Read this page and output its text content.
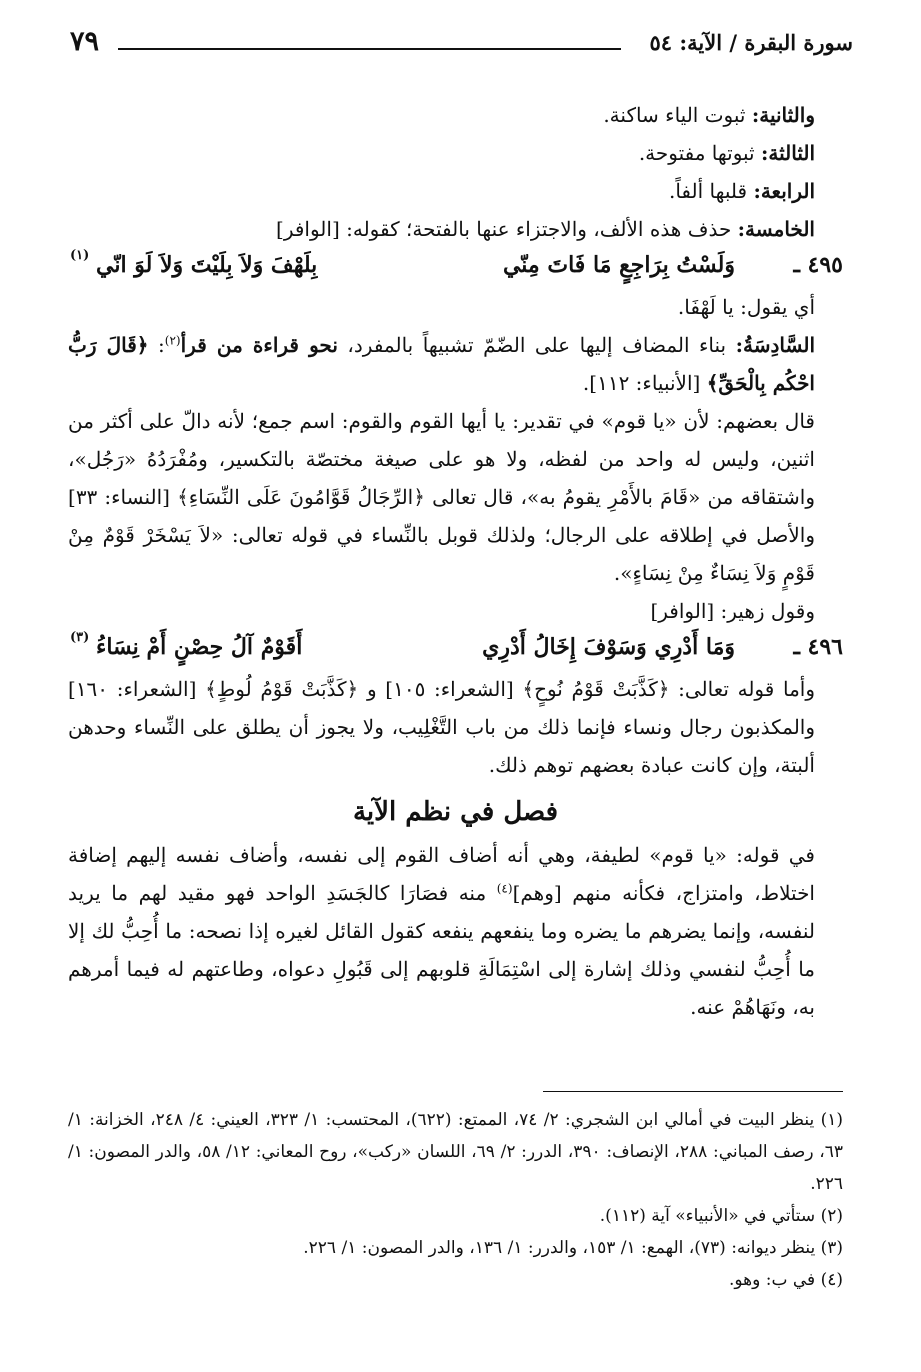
سورة البقرة / الآية: ٥٤
٧٩

والثانية: ثبوت الياء ساكنة.

الثالثة: ثبوتها مفتوحة.

الرابعة: قلبها ألفاً.

الخامسة: حذف هذه الألف، والاجتزاء عنها بالفتحة؛ كقوله: [الوافر]

٤٩٥ ـ
وَلَسْتُ بِرَاجِعٍ مَا فَاتَ مِنّي
بِلَهْفَ وَلاَ بِلَيْتَ وَلاَ لَوَ انّي
(١)

أي يقول: يا لَهْفَا.

السَّادِسَةُ: بناء المضاف إليها على الضّمّ تشبيهاً بالمفرد، نحو قراءة من قرأ$^{(٢)}$: ﴿قَالَ رَبُّ احْكُم بِالْحَقِّ﴾ [الأنبياء: ١١٢].

قال بعضهم: لأن «يا قوم» في تقدير: يا أيها القوم والقوم: اسم جمع؛ لأنه دالّ على أكثر من اثنين، وليس له واحد من لفظه، ولا هو على صيغة مختصّة بالتكسير، ومُفْرَدُهُ «رَجُل»، واشتقاقه من «قَامَ بالأَمْرِ يقومُ به»، قال تعالى ﴿الرِّجَالُ قَوَّامُونَ عَلَى النِّسَاءِ﴾ [النساء: ٣٣] والأصل في إطلاقه على الرجال؛ ولذلك قوبل بالنِّساء في قوله تعالى: «لاَ يَسْخَرْ قَوْمٌ مِنْ قَوْمٍ وَلاَ نِسَاءٌ مِنْ نِسَاءٍ».

وقول زهير: [الوافر]

٤٩٦ ـ
وَمَا أَدْرِي وَسَوْفَ إِخَالُ أَدْرِي
أَقَوْمٌ آلُ حِصْنٍ أَمْ نِسَاءُ
(٣)

وأما قوله تعالى: ﴿كَذَّبَتْ قَوْمُ نُوحٍ﴾ [الشعراء: ١٠٥] و ﴿كَذَّبَتْ قَوْمُ لُوطٍ﴾ [الشعراء: ١٦٠] والمكذبون رجال ونساء فإنما ذلك من باب التَّغْلِيب، ولا يجوز أن يطلق على النِّساء وحدهن ألبتة، وإن كانت عبادة بعضهم توهم ذلك.

فصل في نظم الآية

في قوله: «يا قوم» لطيفة، وهي أنه أضاف القوم إلى نفسه، وأضاف نفسه إليهم إضافة اختلاط، وامتزاج، فكأنه منهم [وهم]$^{(٤)}$ منه فصَارَا كالجَسَدِ الواحد فهو مقيد لهم ما يريد لنفسه، وإنما يضرهم ما يضره وما ينفعهم ينفعه كقول القائل لغيره إذا نصحه: ما أُحِبُّ لك إلا ما أُحِبُّ لنفسي وذلك إشارة إلى اسْتِمَالَةِ قلوبهم إلى قَبُولِ دعواه، وطاعتهم له فيما أمرهم به، ونَهَاهُمْ عنه.

(١) ينظر البيت في أمالي ابن الشجري: ٢/ ٧٤، الممتع: (٦٢٢)، المحتسب: ١/ ٣٢٣، العيني: ٤/ ٢٤٨، الخزانة: ١/ ٦٣، رصف المباني: ٢٨٨، الإنصاف: ٣٩٠، الدرر: ٢/ ٦٩، اللسان «ركب»، روح المعاني: ١٢/ ٥٨، والدر المصون: ١/ ٢٢٦.

(٢) ستأتي في «الأنبياء» آية (١١٢).

(٣) ينظر ديوانه: (٧٣)، الهمع: ١/ ١٥٣، والدرر: ١/ ١٣٦، والدر المصون: ١/ ٢٢٦.

(٤) في ب: وهو.
